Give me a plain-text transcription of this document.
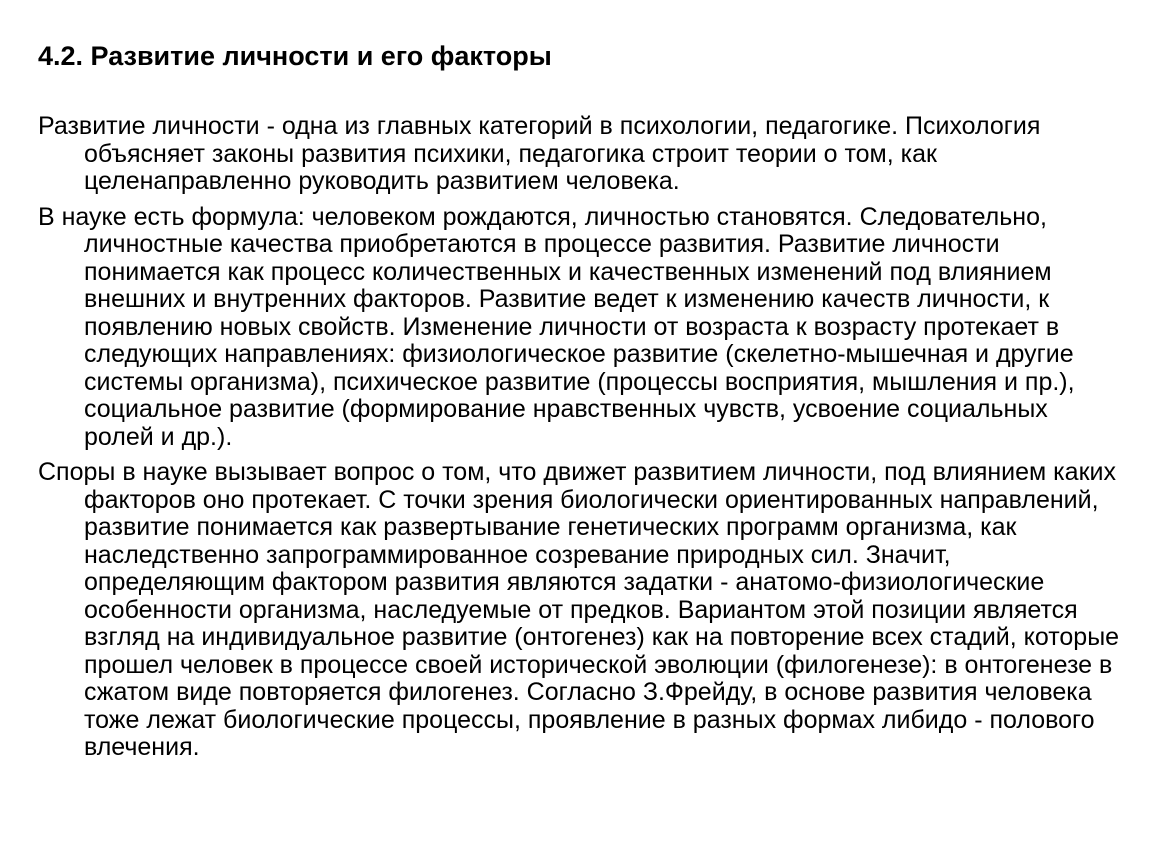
4.2. Развитие личности и его факторы

Развитие личности - одна из главных категорий в психологии, педагогике. Психология объясняет законы развития психики, педагогика строит теории о том, как целенаправленно руководить развитием человека.

В науке есть формула: человеком рождаются, личностью становятся. Следовательно, личностные качества приобретаются в процессе развития. Развитие личности понимается как процесс количественных и качественных изменений под влиянием внешних и внутренних факторов. Развитие ведет к изменению качеств личности, к появлению новых свойств. Изменение личности от возраста к возрасту протекает в следующих направлениях: физиологическое развитие (скелетно-мышечная и другие системы организма), психическое развитие (процессы восприятия, мышления и пр.), социальное развитие (формирование нравственных чувств, усвоение социальных ролей и др.).

Споры в науке вызывает вопрос о том, что движет развитием личности, под влиянием каких факторов оно протекает. С точки зрения биологически ориентированных направлений, развитие понимается как развертывание генетических программ организма, как наследственно запрограммированное созревание природных сил. Значит, определяющим фактором развития являются задатки - анатомо-физиологические особенности организма, наследуемые от предков. Вариантом этой позиции является взгляд на индивидуальное развитие (онтогенез) как на повторение всех стадий, которые прошел человек в процессе своей исторической эволюции (филогенезе): в онтогенезе в сжатом виде повторяется филогенез. Согласно З.Фрейду, в основе развития человека тоже лежат биологические процессы, проявление в разных формах либидо - полового влечения.
